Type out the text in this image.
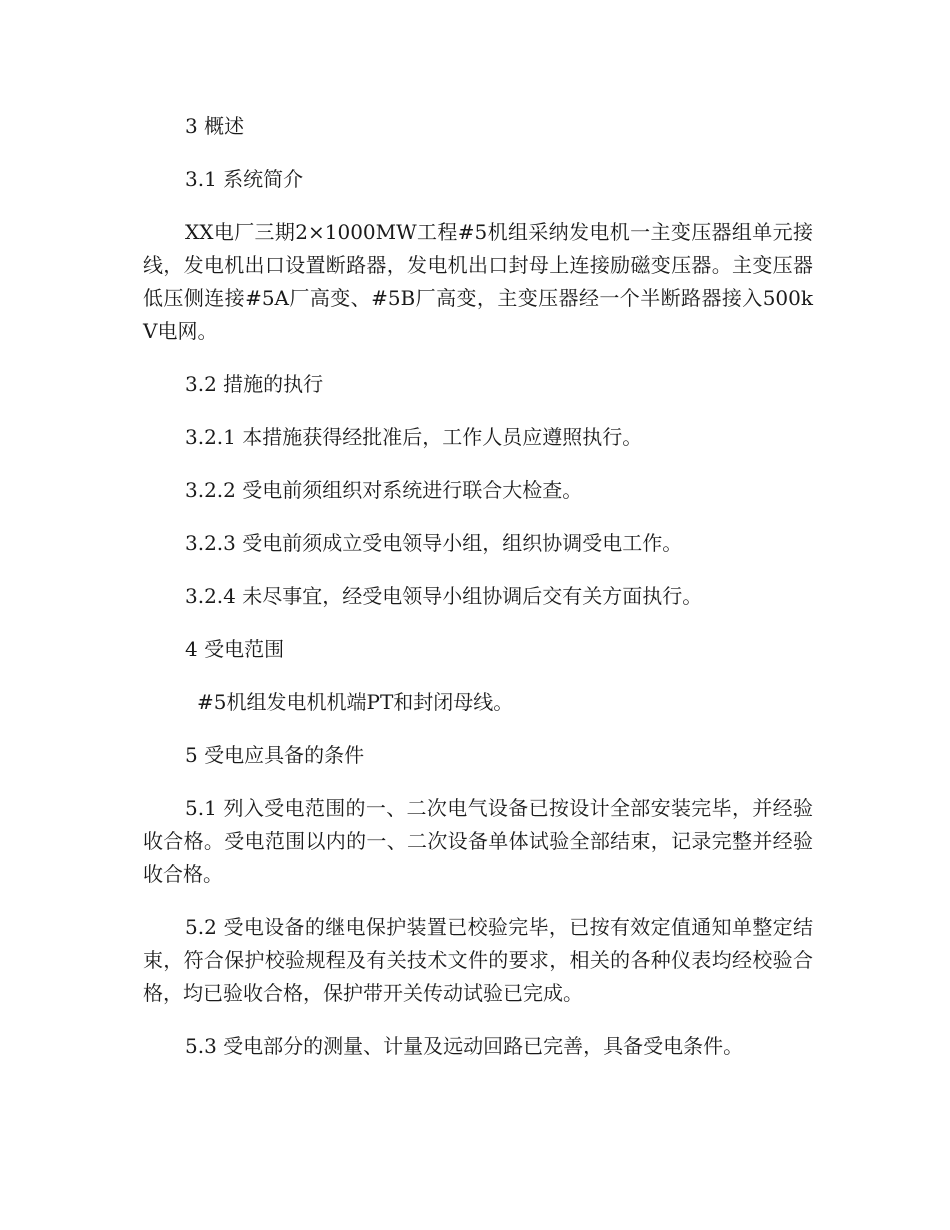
3 概述

3.1 系统简介

XX电厂三期2×1000MW工程#5机组采纳发电机一主变压器组单元接线，发电机出口设置断路器，发电机出口封母上连接励磁变压器。主变压器低压侧连接#5A厂高变、#5B厂高变，主变压器经一个半断路器接入500kV电网。

3.2 措施的执行

3.2.1 本措施获得经批准后，工作人员应遵照执行。

3.2.2 受电前须组织对系统进行联合大检查。

3.2.3 受电前须成立受电领导小组，组织协调受电工作。

3.2.4 未尽事宜，经受电领导小组协调后交有关方面执行。

4 受电范围

#5机组发电机机端PT和封闭母线。

5 受电应具备的条件

5.1 列入受电范围的一、二次电气设备已按设计全部安装完毕，并经验收合格。受电范围以内的一、二次设备单体试验全部结束，记录完整并经验收合格。

5.2 受电设备的继电保护装置已校验完毕，已按有效定值通知单整定结束，符合保护校验规程及有关技术文件的要求，相关的各种仪表均经校验合格，均已验收合格，保护带开关传动试验已完成。

5.3 受电部分的测量、计量及远动回路已完善，具备受电条件。
